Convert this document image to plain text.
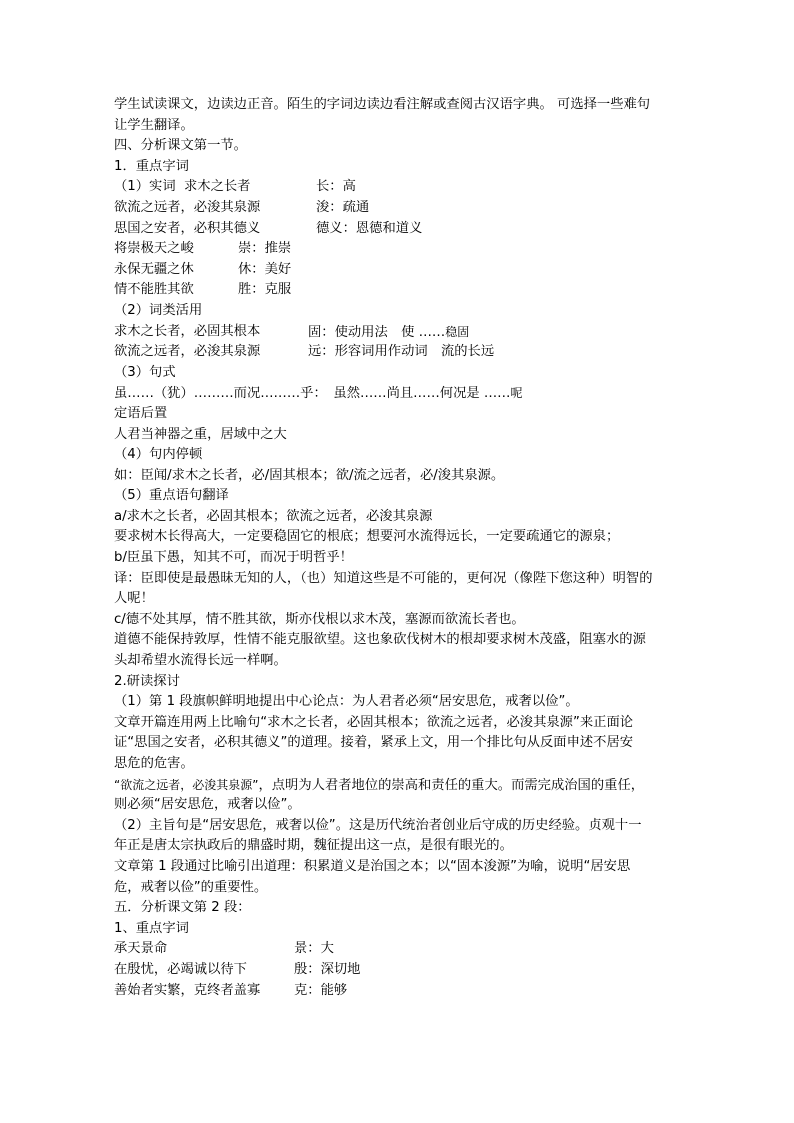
学生试读课文，边读边正音。陌生的字词边读边看注解或查阅古汉语字典。 可选择一些难句
让学生翻译。
四、分析课文第一节。
1．重点字词
（1）实词 求木之长者	长：高
欲流之远者，必浚其泉源	浚：疏通
思国之安者，必积其德义	德义：恩德和道义
将崇极天之峻	崇：推崇
永保无疆之休	休：美好
情不能胜其欲	胜：克服
（2）词类活用
求木之长者，必固其根本	固：使动用法　使 ……稳固
欲流之远者，必浚其泉源	远：形容词用作动词　流的长远
（3）句式
虽……（犹）………而况………乎：　虽然……尚且……何况是 ……呢
定语后置
人君当神器之重，居域中之大
（4）句内停顿
如：臣闻/求木之长者，必/固其根本；欲/流之远者，必/浚其泉源。
（5）重点语句翻译
a/求木之长者，必固其根本；欲流之远者，必浚其泉源
要求树木长得高大，一定要稳固它的根底；想要河水流得远长，一定要疏通它的源泉；
b/臣虽下愚，知其不可，而况于明哲乎！
译：臣即使是最愚昧无知的人，（也）知道这些是不可能的，更何况（像陛下您这种）明智的
人呢！
c/德不处其厚，情不胜其欲，斯亦伐根以求木茂，塞源而欲流长者也。
道德不能保持敦厚，性情不能克服欲望。这也象砍伐树木的根却要求树木茂盛，阻塞水的源
头却希望水流得长远一样啊。
2.研读探讨
（1）第 1 段旗帜鲜明地提出中心论点：为人君者必须“居安思危，戒奢以俭”。
文章开篇连用两上比喻句“求木之长者，必固其根本；欲流之远者，必浚其泉源”来正面论
证“思国之安者，必积其德义”的道理。接着，紧承上文，用一个排比句从反面申述不居安
思危的危害。
“欲流之远者，必浚其泉源”，点明为人君者地位的崇高和责任的重大。而需完成治国的重任，
则必须“居安思危，戒奢以俭”。
（2）主旨句是“居安思危，戒奢以俭”。这是历代统治者创业后守成的历史经验。贞观十一
年正是唐太宗执政后的鼎盛时期，魏征提出这一点，是很有眼光的。
文章第 1 段通过比喻引出道理：积累道义是治国之本；以“固本浚源”为喻，说明“居安思
危，戒奢以俭”的重要性。
五．分析课文第 2 段：
1、重点字词
承天景命	景：大
在殷忧，必竭诚以待下	殷：深切地
善始者实繁，克终者盖寡	克：能够
